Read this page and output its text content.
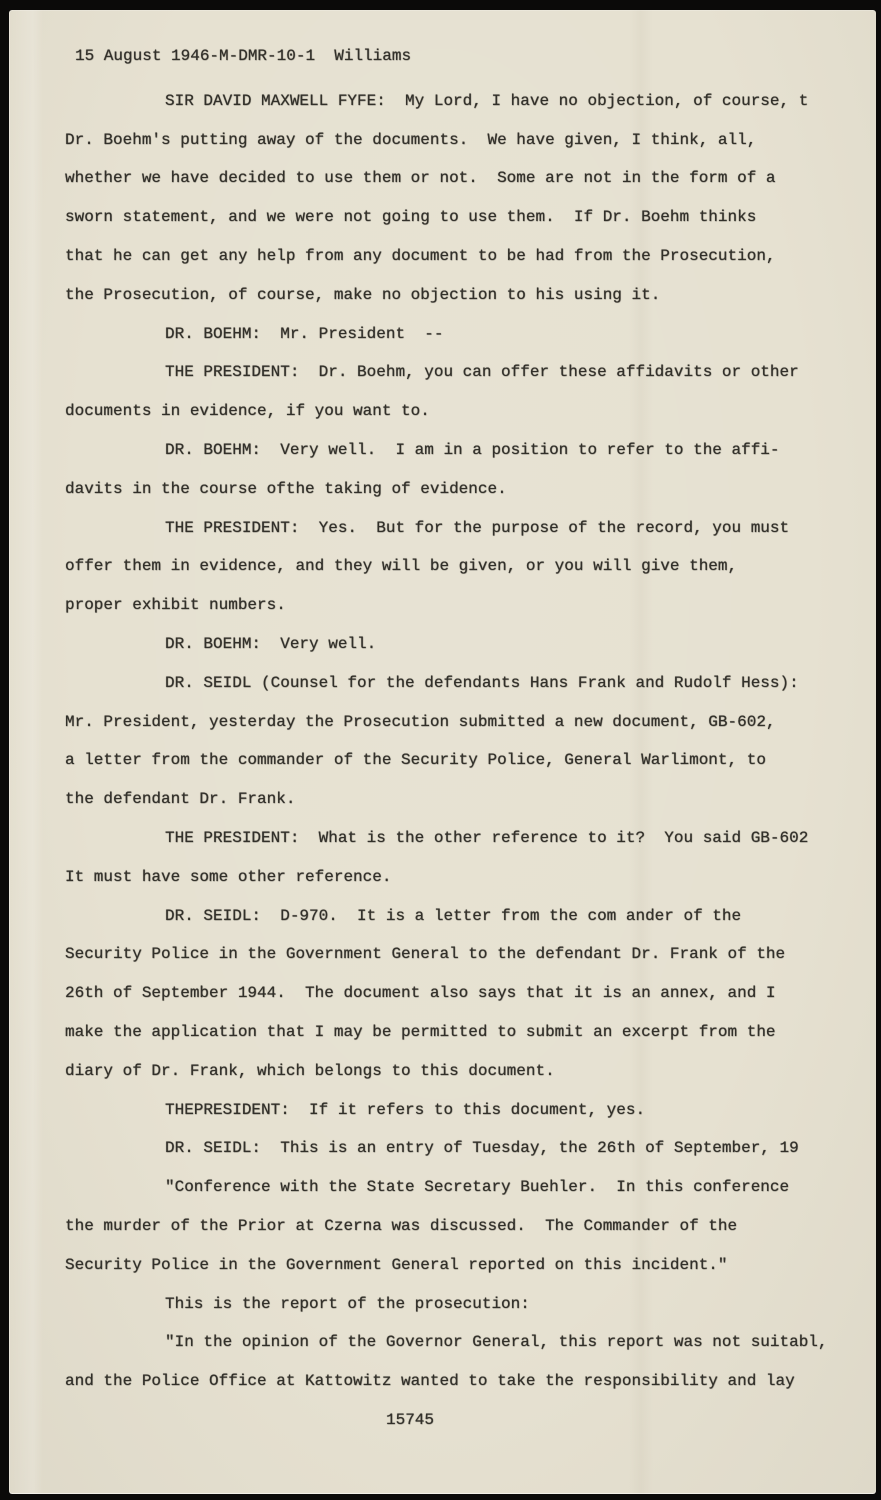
15 August 1946-M-DMR-10-1  Williams
SIR DAVID MAXWELL FYFE:  My Lord, I have no objection, of course, t
Dr. Boehm's putting away of the documents.  We have given, I think, all,
whether we have decided to use them or not.  Some are not in the form of a
sworn statement, and we were not going to use them.  If Dr. Boehm thinks
that he can get any help from any document to be had from the Prosecution,
the Prosecution, of course, make no objection to his using it.
DR. BOEHM:  Mr. President  --
THE PRESIDENT:  Dr. Boehm, you can offer these affidavits or other
documents in evidence, if you want to.
DR. BOEHM:  Very well.  I am in a position to refer to the affi-
davits in the course ofthe taking of evidence.
THE PRESIDENT:  Yes.  But for the purpose of the record, you must
offer them in evidence, and they will be given, or you will give them,
proper exhibit numbers.
DR. BOEHM:  Very well.
DR. SEIDL (Counsel for the defendants Hans Frank and Rudolf Hess):
Mr. President, yesterday the Prosecution submitted a new document, GB-602,
a letter from the commander of the Security Police, General Warlimont, to
the defendant Dr. Frank.
THE PRESIDENT:  What is the other reference to it?  You said GB-602
It must have some other reference.
DR. SEIDL:  D-970.  It is a letter from the com ander of the
Security Police in the Government General to the defendant Dr. Frank of the
26th of September 1944.  The document also says that it is an annex, and I
make the application that I may be permitted to submit an excerpt from the
diary of Dr. Frank, which belongs to this document.
THEPRESIDENT:  If it refers to this document, yes.
DR. SEIDL:  This is an entry of Tuesday, the 26th of September, 19
"Conference with the State Secretary Buehler.  In this conference
the murder of the Prior at Czerna was discussed.  The Commander of the
Security Police in the Government General reported on this incident."
This is the report of the prosecution:
"In the opinion of the Governor General, this report was not suitabl,
and the Police Office at Kattowitz wanted to take the responsibility and lay
15745
